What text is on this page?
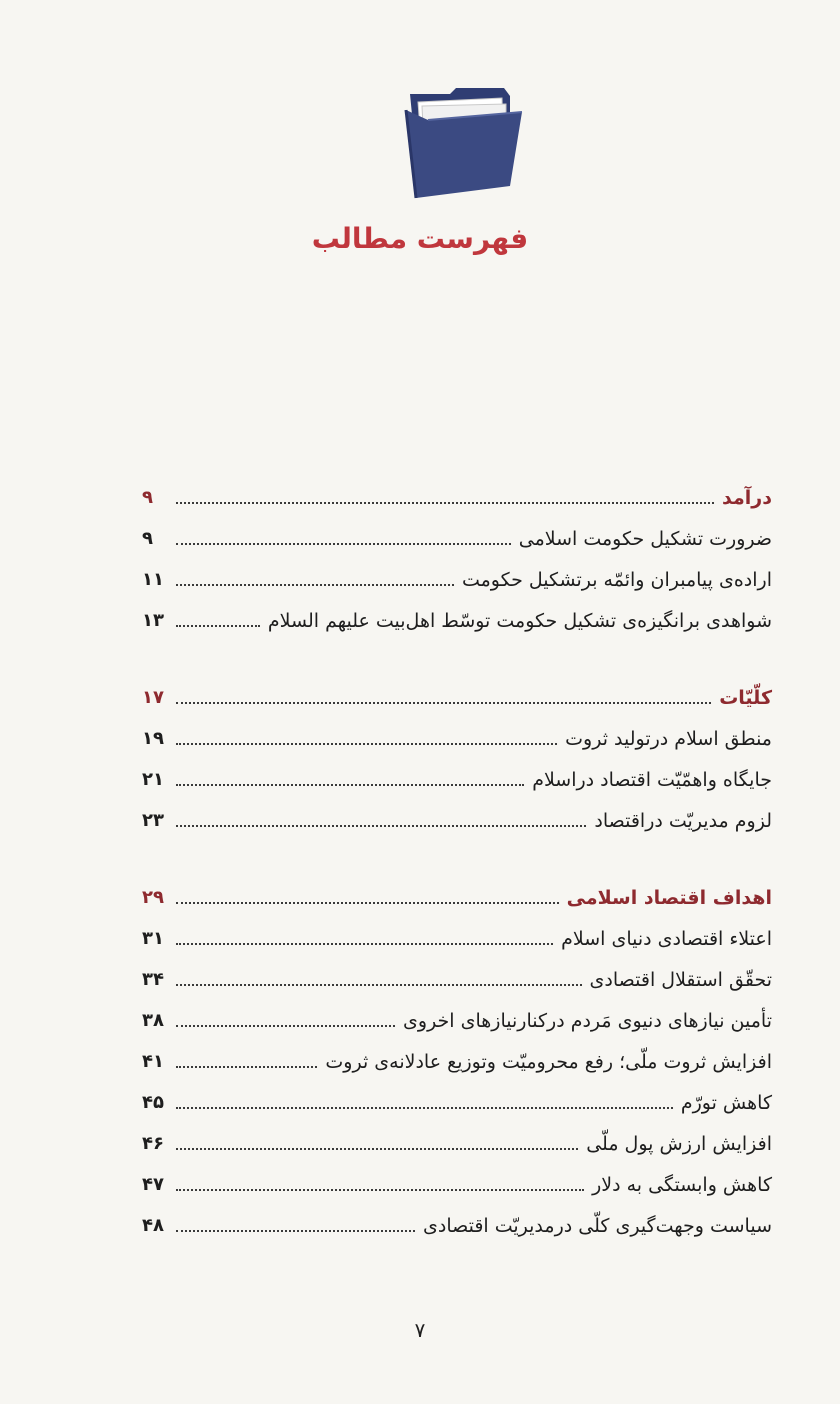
فهرست مطالب
درآمد
۹
ضرورت تشکیل حکومت اسلامی
۹
اراده‌ی پیامبران وائمّه برتشکیل حکومت
۱۱
شواهدی برانگیزه‌ی تشکیل حکومت توسّط اهل‌بیت علیهم السلام
۱۳
کلّیّات
۱۷
منطق اسلام درتولید ثروت
۱۹
جایگاه واهمّیّت اقتصاد دراسلام
۲۱
لزوم مدیریّت دراقتصاد
۲۳
اهداف اقتصاد اسلامی
۲۹
اعتلاء اقتصادی دنیای اسلام
۳۱
تحقّق استقلال اقتصادی
۳۴
تأمین نیازهای دنیوی مَردم درکنارنیازهای اخروی
۳۸
افزایش ثروت ملّی؛ رفع محرومیّت وتوزیع عادلانه‌ی ثروت
۴۱
کاهش تورّم
۴۵
افزایش ارزش پول ملّی
۴۶
کاهش وابستگی به دلار
۴۷
سیاست وجهت‌گیری کلّی درمدیریّت اقتصادی
۴۸
۷
